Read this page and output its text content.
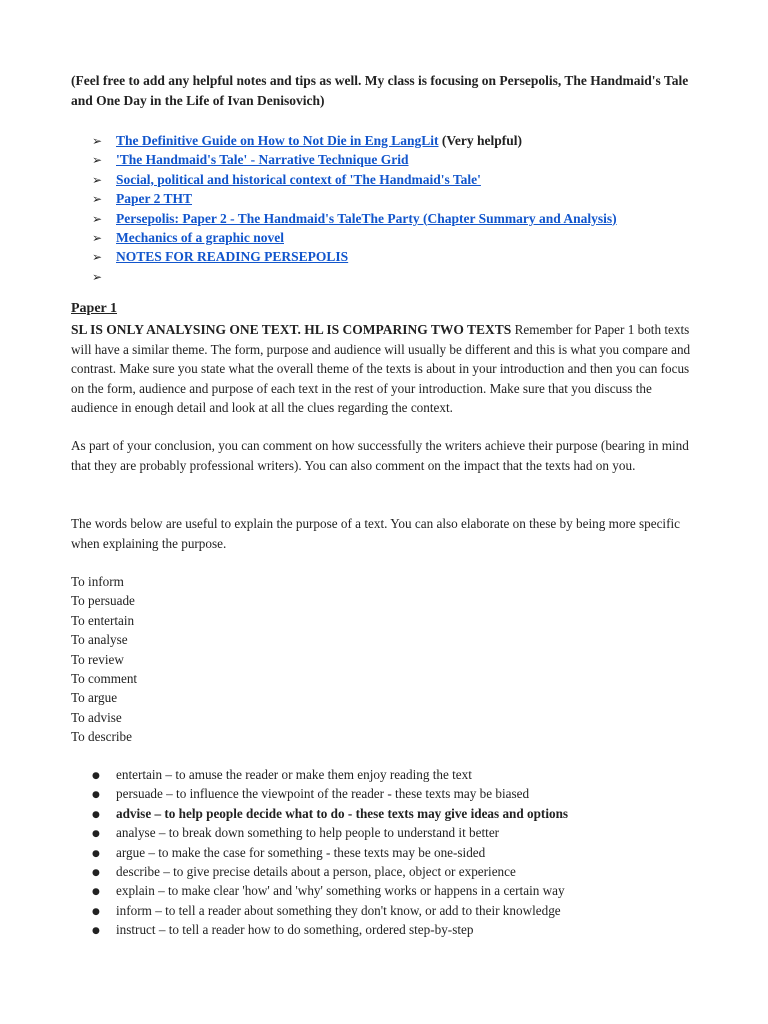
(Feel free to add any helpful notes and tips as well. My class is focusing on Persepolis, The Handmaid's Tale and One Day in the Life of Ivan Denisovich)
➢ The Definitive Guide on How to Not Die in Eng LangLit (Very helpful)
➢ 'The Handmaid's Tale' - Narrative Technique Grid
➢ Social, political and historical context of 'The Handmaid's Tale'
➢ Paper 2 THT
➢ Persepolis: Paper 2 - The Handmaid's TaleThe Party (Chapter Summary and Analysis)
➢ Mechanics of a graphic novel
➢ NOTES FOR READING PERSEPOLIS
➢
Paper 1

SL IS ONLY ANALYSING ONE TEXT. HL IS COMPARING TWO TEXTS Remember for Paper 1 both texts will have a similar theme. The form, purpose and audience will usually be different and this is what you compare and contrast. Make sure you state what the overall theme of the texts is about in your introduction and then you can focus on the form, audience and purpose of each text in the rest of your introduction. Make sure that you discuss the audience in enough detail and look at all the clues regarding the context.

As part of your conclusion, you can comment on how successfully the writers achieve their purpose (bearing in mind that they are probably professional writers). You can also comment on the impact that the texts had on you.

The words below are useful to explain the purpose of a text. You can also elaborate on these by being more specific when explaining the purpose.

To inform
To persuade
To entertain
To analyse
To review
To comment
To argue
To advise
To describe
● entertain – to amuse the reader or make them enjoy reading the text
● persuade – to influence the viewpoint of the reader - these texts may be biased
● advise – to help people decide what to do - these texts may give ideas and options
● analyse – to break down something to help people to understand it better
● argue – to make the case for something - these texts may be one-sided
● describe – to give precise details about a person, place, object or experience
● explain – to make clear 'how' and 'why' something works or happens in a certain way
● inform – to tell a reader about something they don't know, or add to their knowledge
● instruct – to tell a reader how to do something, ordered step-by-step
